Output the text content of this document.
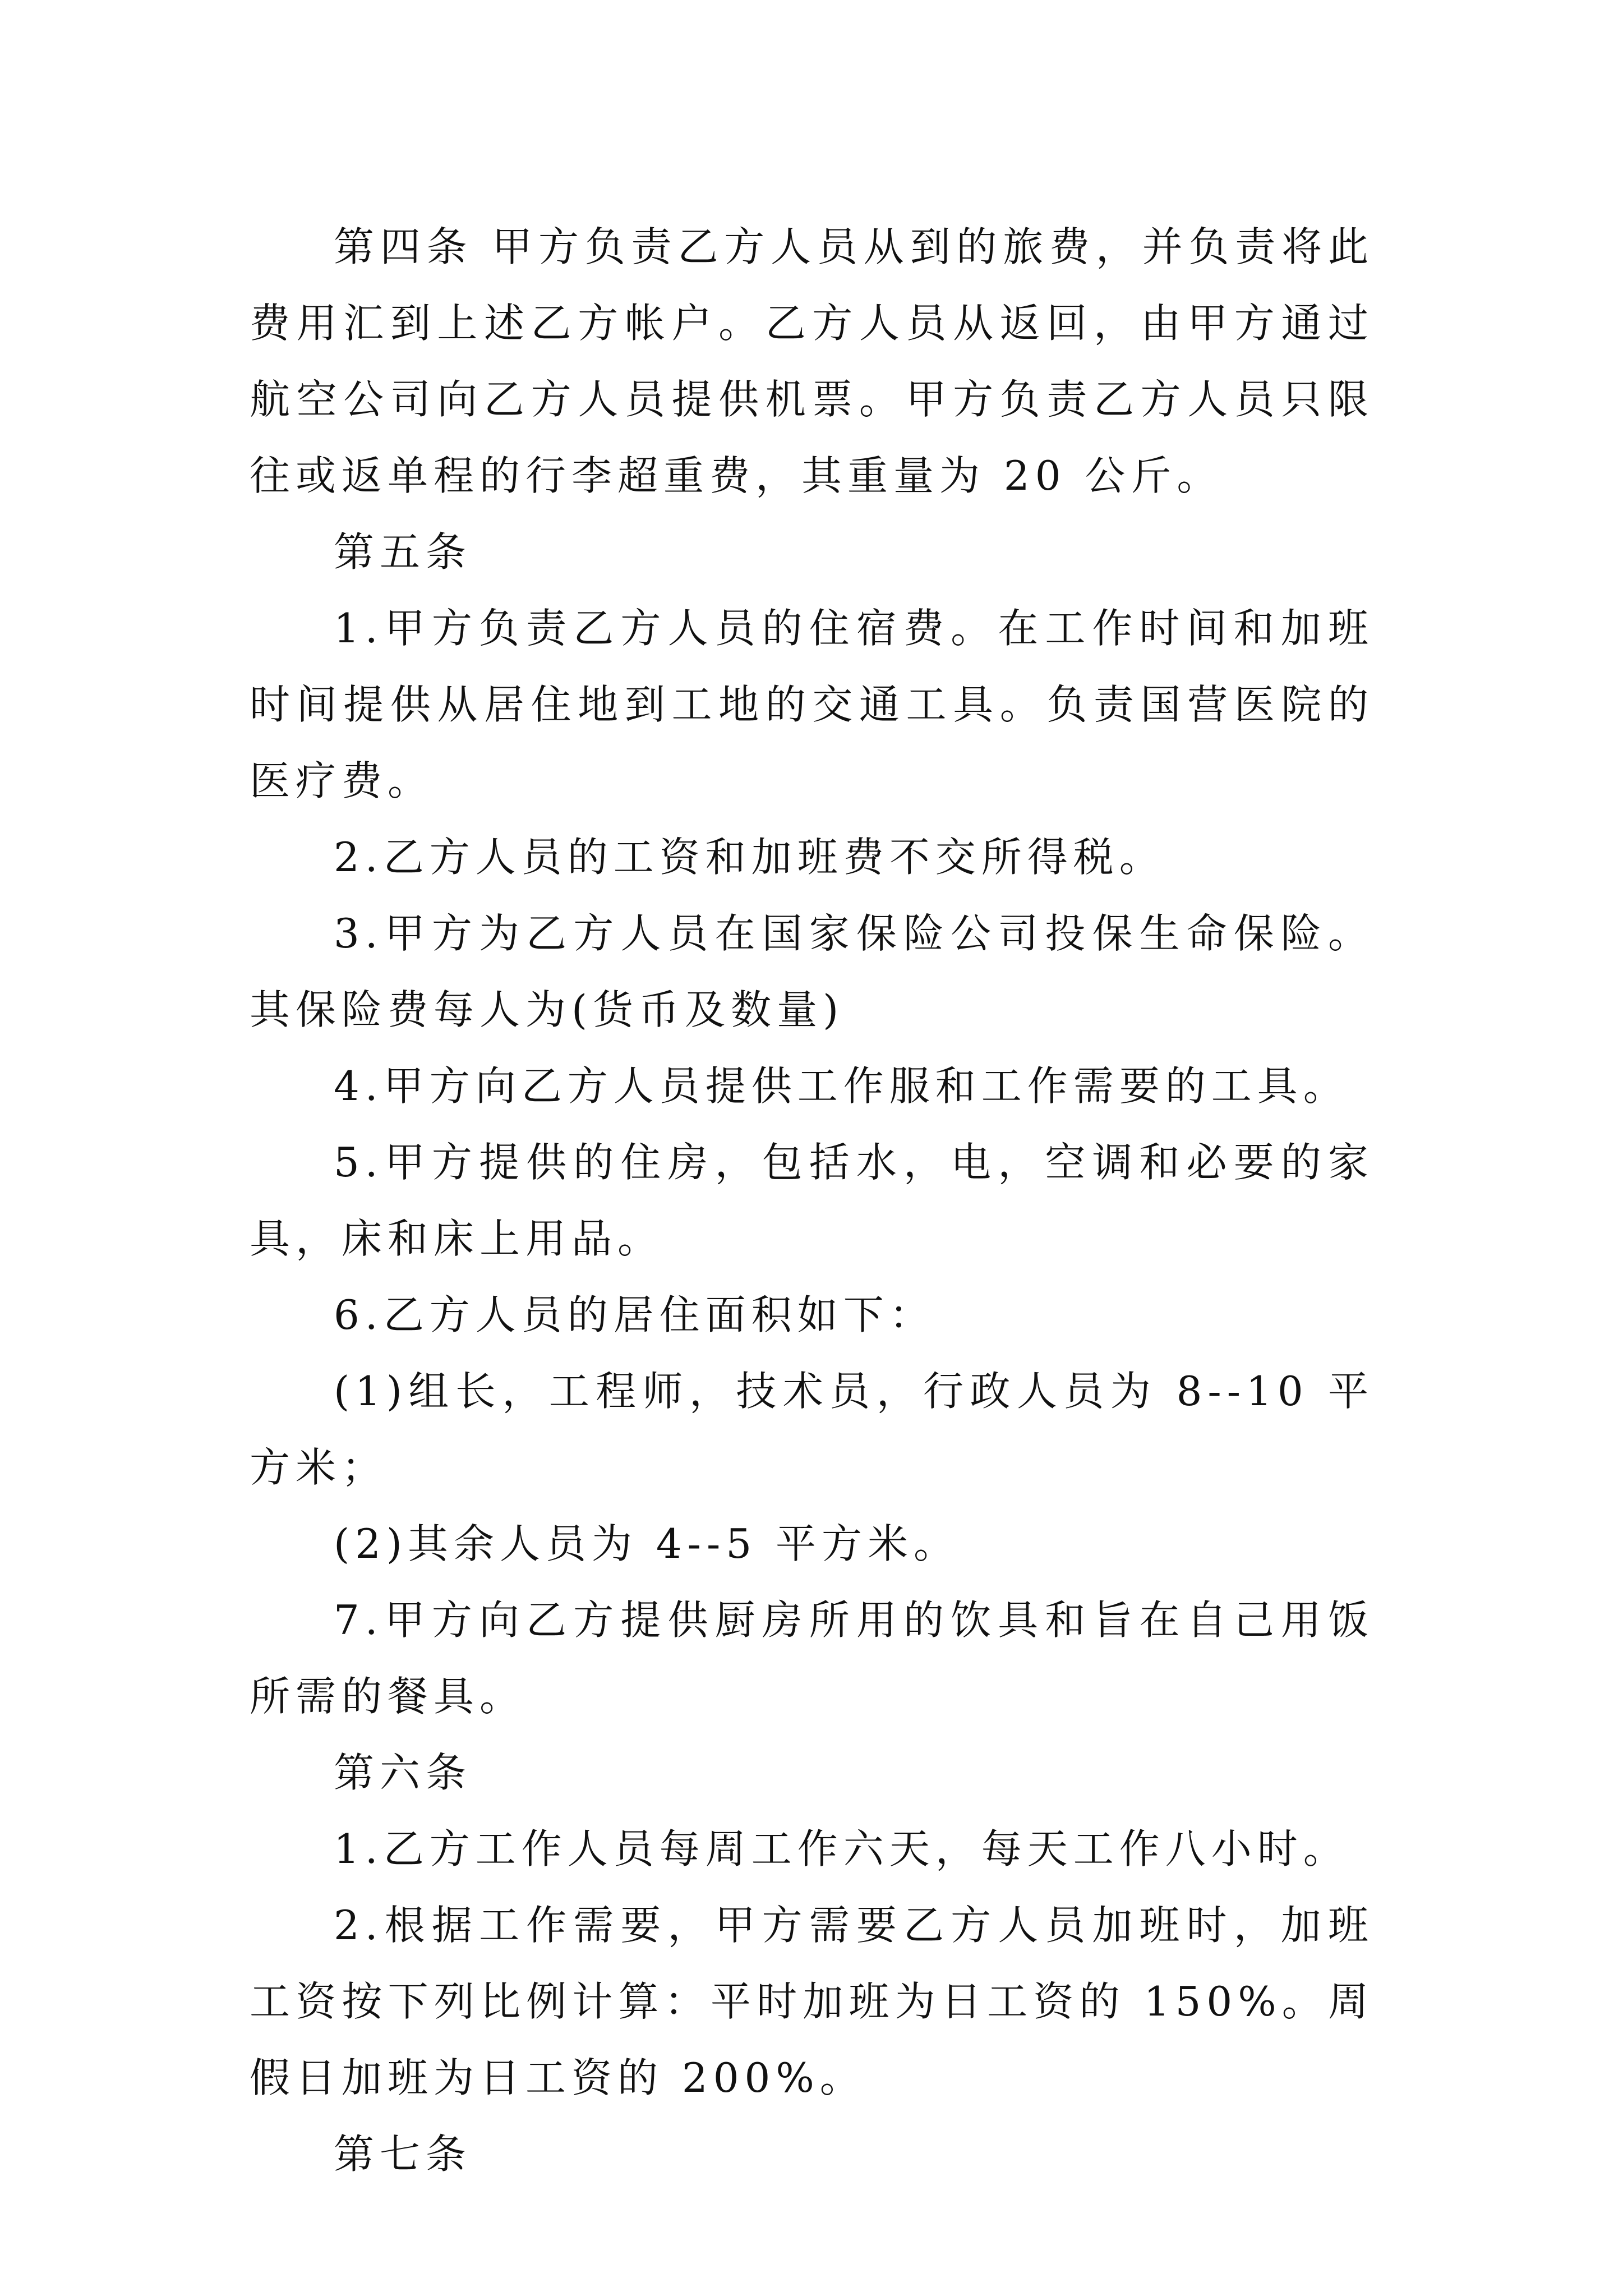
第四条 甲方负责乙方人员从到的旅费，并负责将此费用汇到上述乙方帐户。乙方人员从返回，由甲方通过航空公司向乙方人员提供机票。甲方负责乙方人员只限往或返单程的行李超重费，其重量为 20 公斤。

第五条

1.甲方负责乙方人员的住宿费。在工作时间和加班时间提供从居住地到工地的交通工具。负责国营医院的医疗费。

2.乙方人员的工资和加班费不交所得税。

3.甲方为乙方人员在国家保险公司投保生命保险。其保险费每人为(货币及数量)

4.甲方向乙方人员提供工作服和工作需要的工具。

5.甲方提供的住房，包括水，电，空调和必要的家具，床和床上用品。

6.乙方人员的居住面积如下：

(1)组长，工程师，技术员，行政人员为 8--10 平方米；

(2)其余人员为 4--5 平方米。

7.甲方向乙方提供厨房所用的饮具和旨在自己用饭所需的餐具。

第六条

1.乙方工作人员每周工作六天，每天工作八小时。

2.根据工作需要，甲方需要乙方人员加班时，加班工资按下列比例计算：平时加班为日工资的 150%。周假日加班为日工资的 200%。

第七条
